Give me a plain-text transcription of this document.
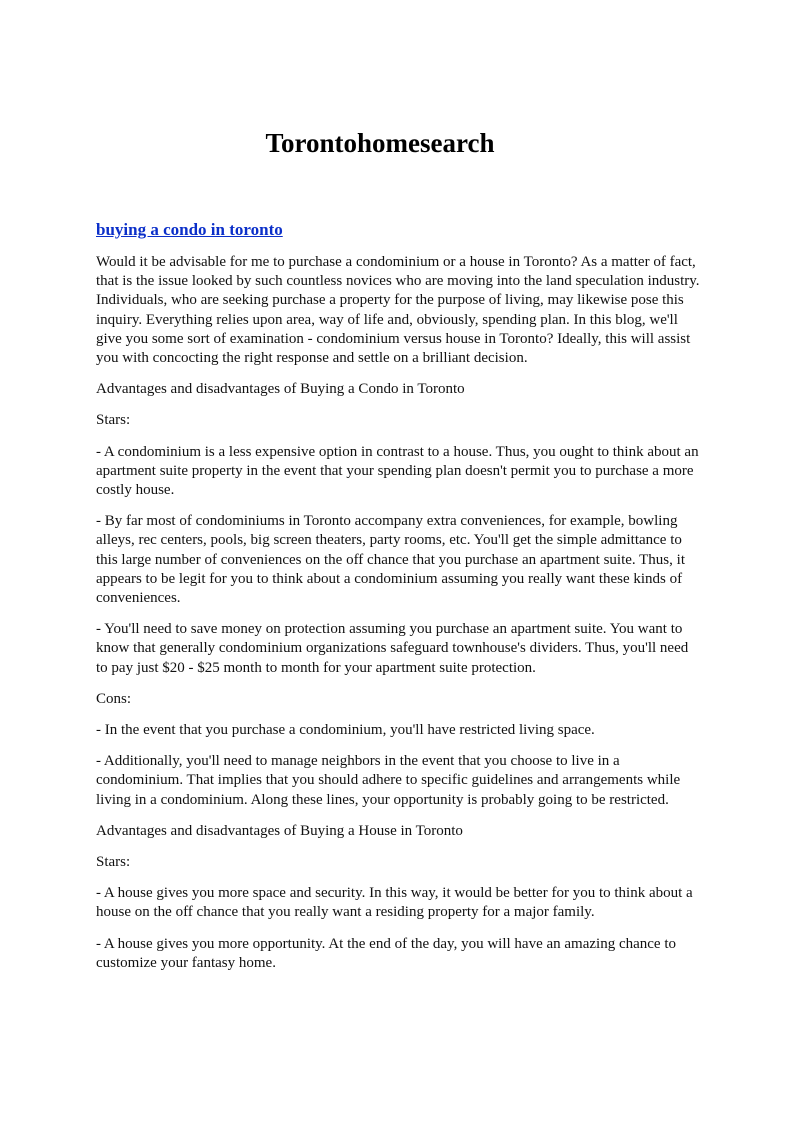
Torontohomesearch
buying a condo in toronto

Would it be advisable for me to purchase a condominium or a house in Toronto? As a matter of fact, that is the issue looked by such countless novices who are moving into the land speculation industry. Individuals, who are seeking purchase a property for the purpose of living, may likewise pose this inquiry. Everything relies upon area, way of life and, obviously, spending plan. In this blog, we'll give you some sort of examination - condominium versus house in Toronto? Ideally, this will assist you with concocting the right response and settle on a brilliant decision.

Advantages and disadvantages of Buying a Condo in Toronto

Stars:

- A condominium is a less expensive option in contrast to a house. Thus, you ought to think about an apartment suite property in the event that your spending plan doesn't permit you to purchase a more costly house.

- By far most of condominiums in Toronto accompany extra conveniences, for example, bowling alleys, rec centers, pools, big screen theaters, party rooms, etc. You'll get the simple admittance to this large number of conveniences on the off chance that you purchase an apartment suite. Thus, it appears to be legit for you to think about a condominium assuming you really want these kinds of conveniences.

- You'll need to save money on protection assuming you purchase an apartment suite. You want to know that generally condominium organizations safeguard townhouse's dividers. Thus, you'll need to pay just $20 - $25 month to month for your apartment suite protection.

Cons:

- In the event that you purchase a condominium, you'll have restricted living space.

- Additionally, you'll need to manage neighbors in the event that you choose to live in a condominium. That implies that you should adhere to specific guidelines and arrangements while living in a condominium. Along these lines, your opportunity is probably going to be restricted.

Advantages and disadvantages of Buying a House in Toronto

Stars:

- A house gives you more space and security. In this way, it would be better for you to think about a house on the off chance that you really want a residing property for a major family.

- A house gives you more opportunity. At the end of the day, you will have an amazing chance to customize your fantasy home.
